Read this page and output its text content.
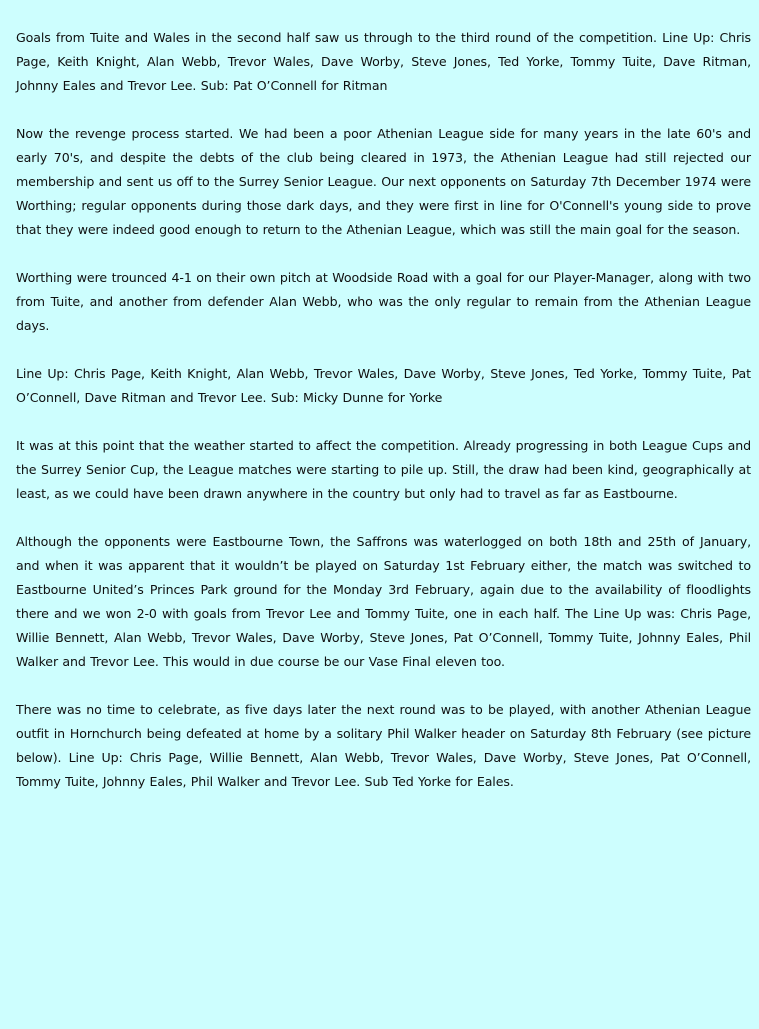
Goals from Tuite and Wales in the second half saw us through to the third round of the competition. Line Up: Chris Page, Keith Knight, Alan Webb, Trevor Wales, Dave Worby, Steve Jones, Ted Yorke, Tommy Tuite, Dave Ritman, Johnny Eales and Trevor Lee. Sub: Pat O’Connell for Ritman

Now the revenge process started. We had been a poor Athenian League side for many years in the late 60's and early 70's, and despite the debts of the club being cleared in 1973, the Athenian League had still rejected our membership and sent us off to the Surrey Senior League. Our next opponents on Saturday 7th December 1974 were Worthing; regular opponents during those dark days, and they were first in line for O'Connell's young side to prove that they were indeed good enough to return to the Athenian League, which was still the main goal for the season.

Worthing were trounced 4-1 on their own pitch at Woodside Road with a goal for our Player-Manager, along with two from Tuite, and another from defender Alan Webb, who was the only regular to remain from the Athenian League days.

Line Up: Chris Page, Keith Knight, Alan Webb, Trevor Wales, Dave Worby, Steve Jones, Ted Yorke, Tommy Tuite, Pat O’Connell, Dave Ritman and Trevor Lee. Sub: Micky Dunne for Yorke

It was at this point that the weather started to affect the competition. Already progressing in both League Cups and the Surrey Senior Cup, the League matches were starting to pile up. Still, the draw had been kind, geographically at least, as we could have been drawn anywhere in the country but only had to travel as far as Eastbourne.

Although the opponents were Eastbourne Town, the Saffrons was waterlogged on both 18th and 25th of January, and when it was apparent that it wouldn’t be played on Saturday 1st February either, the match was switched to Eastbourne United’s Princes Park ground for the Monday 3rd February, again due to the availability of floodlights there and we won 2-0 with goals from Trevor Lee and Tommy Tuite, one in each half. The Line Up was: Chris Page, Willie Bennett, Alan Webb, Trevor Wales, Dave Worby, Steve Jones, Pat O’Connell, Tommy Tuite, Johnny Eales, Phil Walker and Trevor Lee. This would in due course be our Vase Final eleven too.

There was no time to celebrate, as five days later the next round was to be played, with another Athenian League outfit in Hornchurch being defeated at home by a solitary Phil Walker header on Saturday 8th February (see picture below). Line Up: Chris Page, Willie Bennett, Alan Webb, Trevor Wales, Dave Worby, Steve Jones, Pat O’Connell, Tommy Tuite, Johnny Eales, Phil Walker and Trevor Lee. Sub Ted Yorke for Eales.
